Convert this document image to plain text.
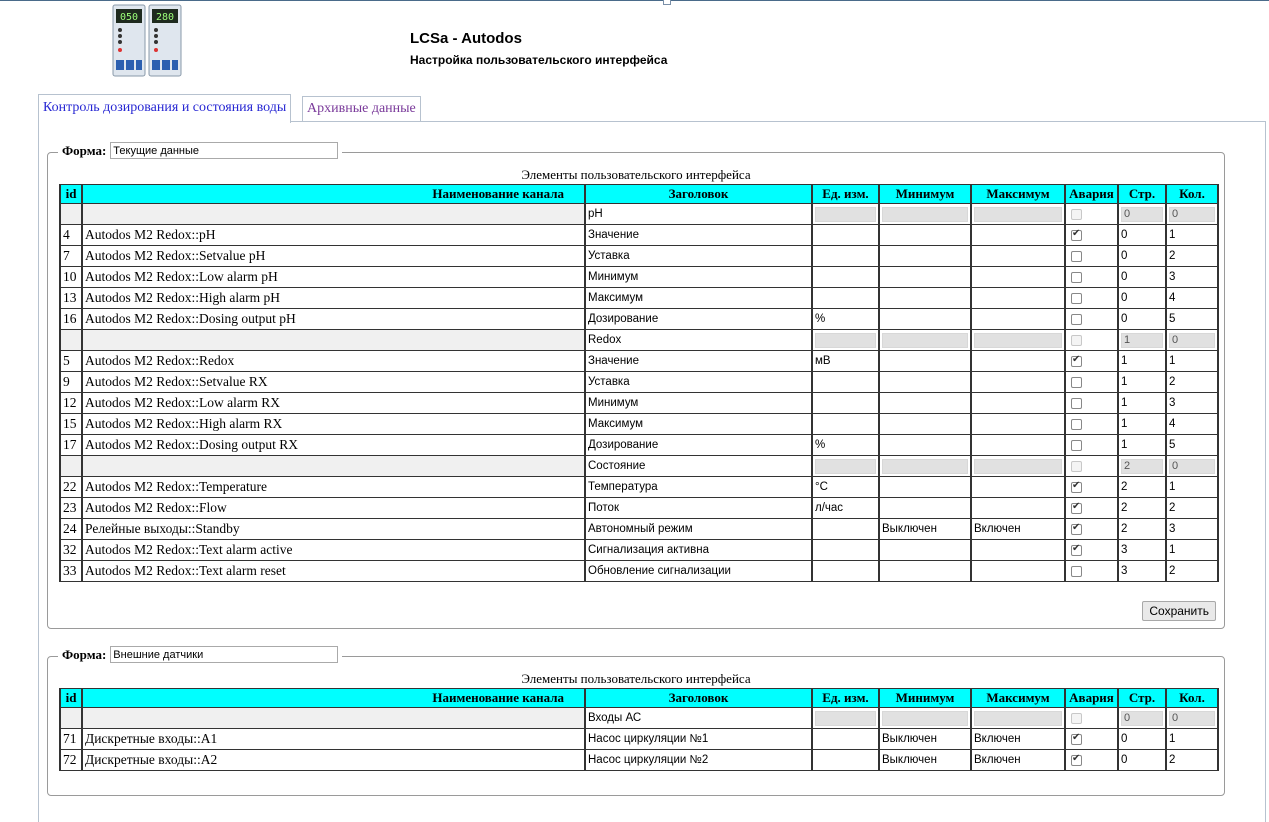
050 280
LCSa - Autodos
Настройка пользовательского интерфейса
Контроль дозирования и состояния воды	Архивные данные
Форма:
Текущие данные
Элементы пользовательского интерфейса
id	Наименование канала	Заголовок	Ед. изм.	Минимум	Максимум	Авария	Стр.	Кол.
		pH					0	0

4	Autodos M2 Redox::pH	Значение				✔	0	1
7	Autodos M2 Redox::Setvalue pH	Уставка					0	2
10	Autodos M2 Redox::Low alarm pH	Минимум					0	3
13	Autodos M2 Redox::High alarm pH	Максимум					0	4
16	Autodos M2 Redox::Dosing output pH	Дозирование	%				0	5
		Redox					1	0

5	Autodos M2 Redox::Redox	Значение	мВ			✔	1	1
9	Autodos M2 Redox::Setvalue RX	Уставка					1	2
12	Autodos M2 Redox::Low alarm RX	Минимум					1	3
15	Autodos M2 Redox::High alarm RX	Максимум					1	4
17	Autodos M2 Redox::Dosing output RX	Дозирование	%				1	5
		Состояние					2	0

22	Autodos M2 Redox::Temperature	Температура	°C			✔	2	1
23	Autodos M2 Redox::Flow	Поток	л/час			✔	2	2
24	Релейные выходы::Standby	Автономный режим		Выключен	Включен	✔	2	3
32	Autodos M2 Redox::Text alarm active	Сигнализация активна				✔	3	1
33	Autodos M2 Redox::Text alarm reset	Обновление сигнализации					3	2
Сохранить
Форма:
Внешние датчики
Элементы пользовательского интерфейса
id	Наименование канала	Заголовок	Ед. изм.	Минимум	Максимум	Авария	Стр.	Кол.
		Входы АС					0	0

71	Дискретные входы::A1	Насос циркуляции №1		Выключен	Включен	✔	0	1
72	Дискретные входы::A2	Насос циркуляции №2		Выключен	Включен	✔	0	2
